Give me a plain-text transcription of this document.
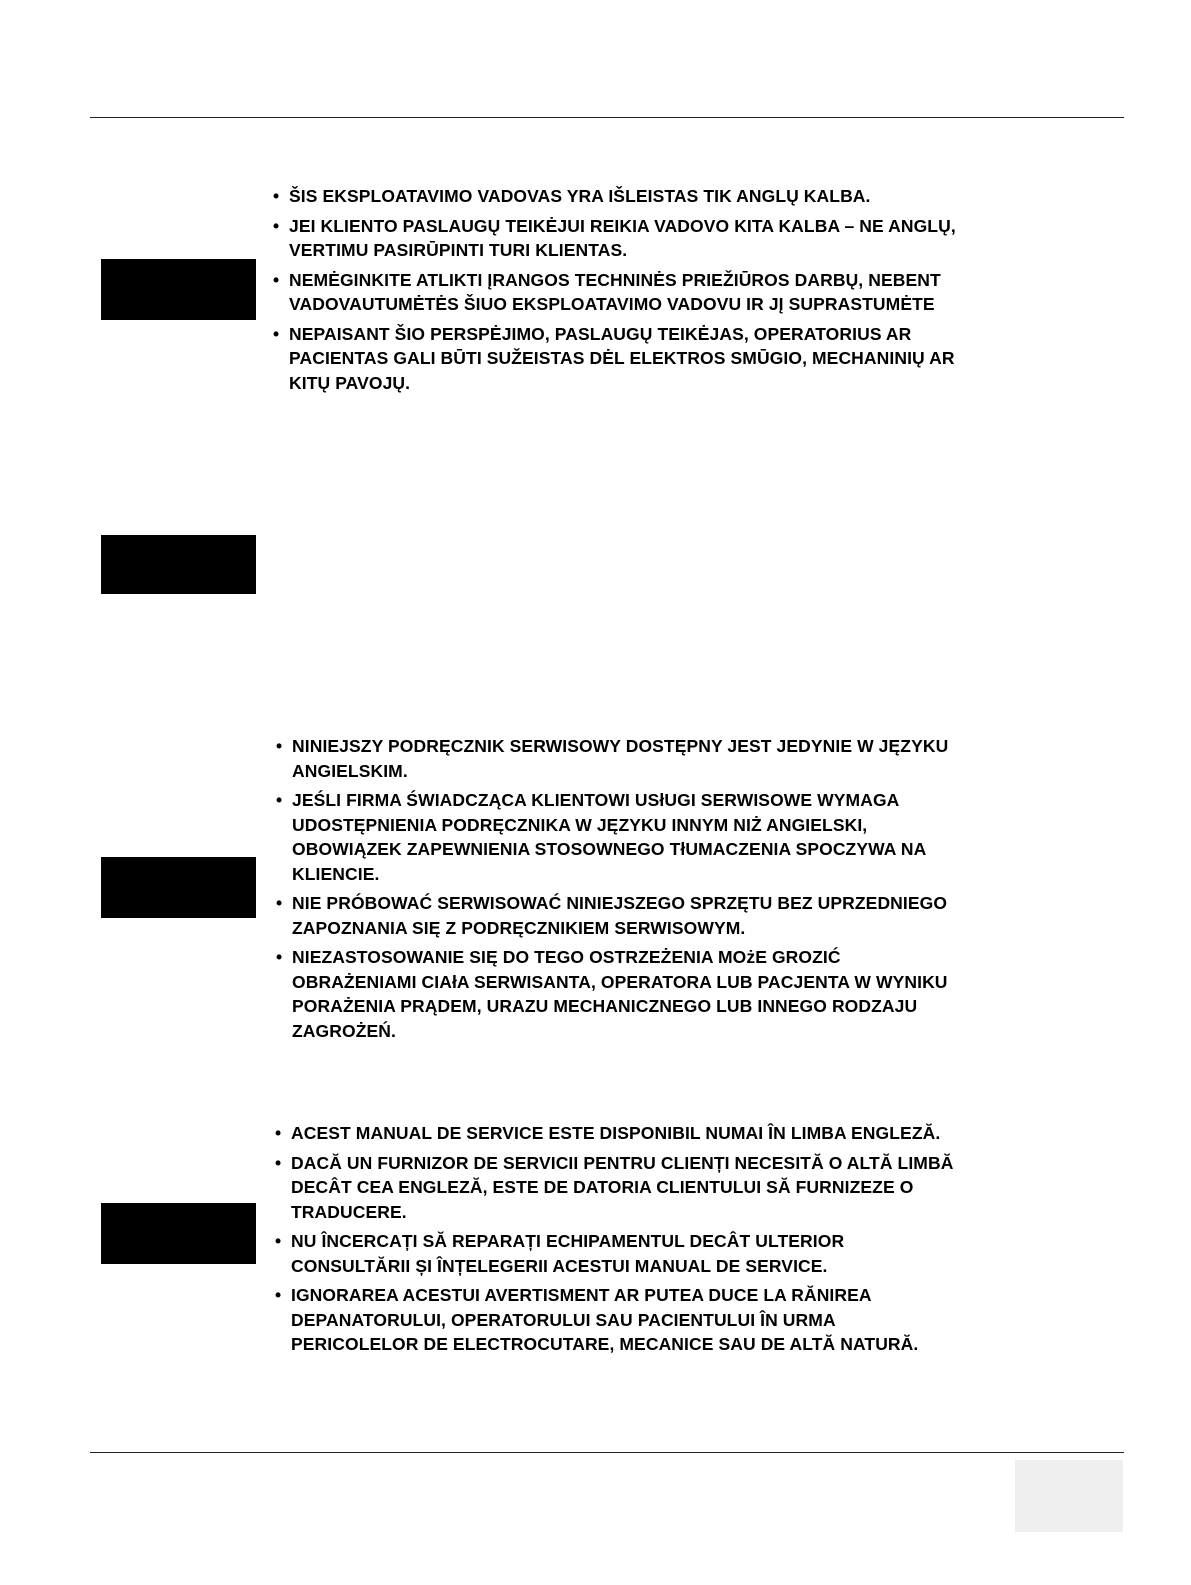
• ŠIS EKSPLOATAVIMO VADOVAS YRA IŠLEISTAS TIK ANGLŲ KALBA.
• JEI KLIENTO PASLAUGŲ TEIKĖJUI REIKIA VADOVO KITA KALBA – NE ANGLŲ,
VERTIMU PASIRŪPINTI TURI KLIENTAS.
• NEMĖGINKITE ATLIKTI ĮRANGOS TECHNINĖS PRIEŽIŪROS DARBŲ, NEBENT
VADOVAUTUMĖTĖS ŠIUO EKSPLOATAVIMO VADOVU IR JĮ SUPRASTUMĖTE
• NEPAISANT ŠIO PERSPĖJIMO, PASLAUGŲ TEIKĖJAS, OPERATORIUS AR
PACIENTAS GALI BŪTI SUŽEISTAS DĖL ELEKTROS SMŪGIO, MECHANINIŲ AR
KITŲ PAVOJŲ.
• NINIEJSZY PODRĘCZNIK SERWISOWY DOSTĘPNY JEST JEDYNIE W JĘZYKU
ANGIELSKIM.
• JEŚLI FIRMA ŚWIADCZĄCA KLIENTOWI USłUGI SERWISOWE WYMAGA
UDOSTĘPNIENIA PODRĘCZNIKA W JĘZYKU INNYM NIŻ ANGIELSKI,
OBOWIĄZEK ZAPEWNIENIA STOSOWNEGO TłUMACZENIA SPOCZYWA NA
KLIENCIE.
• NIE PRÓBOWAĆ SERWISOWAĆ NINIEJSZEGO SPRZĘTU BEZ UPRZEDNIEGO
ZAPOZNANIA SIĘ Z PODRĘCZNIKIEM SERWISOWYM.
• NIEZASTOSOWANIE SIĘ DO TEGO OSTRZEŻENIA MOżE GROZIĆ
OBRAŻENIAMI CIAłA SERWISANTA, OPERATORA LUB PACJENTA W WYNIKU
PORAŻENIA PRĄDEM, URAZU MECHANICZNEGO LUB INNEGO RODZAJU
ZAGROŻEŃ.
• ACEST MANUAL DE SERVICE ESTE DISPONIBIL NUMAI ÎN LIMBA ENGLEZĂ.
• DACĂ UN FURNIZOR DE SERVICII PENTRU CLIENȚI NECESITĂ O ALTĂ LIMBĂ
DECÂT CEA ENGLEZĂ, ESTE DE DATORIA CLIENTULUI SĂ FURNIZEZE O
TRADUCERE.
• NU ÎNCERCAȚI SĂ REPARAȚI ECHIPAMENTUL DECÂT ULTERIOR
CONSULTĂRII ȘI ÎNȚELEGERII ACESTUI MANUAL DE SERVICE.
• IGNORAREA ACESTUI AVERTISMENT AR PUTEA DUCE LA RĂNIREA
DEPANATORULUI, OPERATORULUI SAU PACIENTULUI ÎN URMA
PERICOLELOR DE ELECTROCUTARE, MECANICE SAU DE ALTĂ NATURĂ.
